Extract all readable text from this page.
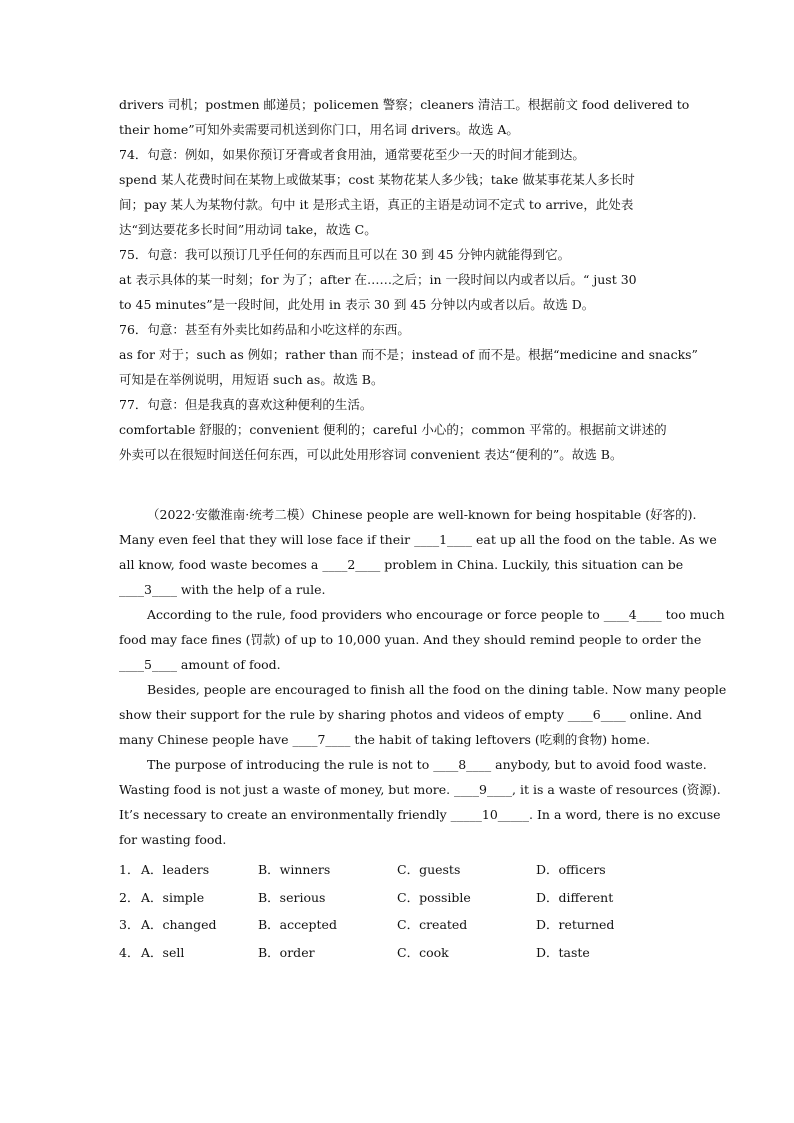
drivers 司机；postmen 邮递员；policemen 警察；cleaners 清洁工。根据前文 food delivered to
their home”可知外卖需要司机送到你门口，用名词 drivers。故选 A。
74．句意：例如，如果你预订牙膏或者食用油，通常要花至少一天的时间才能到达。
spend 某人花费时间在某物上或做某事；cost 某物花某人多少钱；take 做某事花某人多长时
间；pay 某人为某物付款。句中 it 是形式主语，真正的主语是动词不定式 to arrive，此处表
达“到达要花多长时间”用动词 take，故选 C。
75．句意：我可以预订几乎任何的东西而且可以在 30 到 45 分钟内就能得到它。
at 表示具体的某一时刻；for 为了；after 在……之后；in 一段时间以内或者以后。“ just 30
to 45 minutes”是一段时间，此处用 in 表示 30 到 45 分钟以内或者以后。故选 D。
76．句意：甚至有外卖比如药品和小吃这样的东西。
as for 对于；such as 例如；rather than 而不是；instead of 而不是。根据“medicine and snacks”
可知是在举例说明，用短语 such as。故选 B。
77．句意：但是我真的喜欢这种便利的生活。
comfortable 舒服的；convenient 便利的；careful 小心的；common 平常的。根据前文讲述的
外卖可以在很短时间送任何东西，可以此处用形容词 convenient 表达“便利的”。故选 B。
（2022·安徽淮南·统考二模）Chinese people are well-known for being hospitable (好客的).
Many even feel that they will lose face if their ____1____ eat up all the food on the table. As we
all know, food waste becomes a ____2____ problem in China. Luckily, this situation can be
____3____ with the help of a rule.
According to the rule, food providers who encourage or force people to ____4____ too much
food may face fines (罚款) of up to 10,000 yuan. And they should remind people to order the
____5____ amount of food.
Besides, people are encouraged to finish all the food on the dining table. Now many people
show their support for the rule by sharing photos and videos of empty ____6____ online. And
many Chinese people have ____7____ the habit of taking leftovers (吃剩的食物) home.
The purpose of introducing the rule is not to ____8____ anybody, but to avoid food waste.
Wasting food is not just a waste of money, but more. ____9____, it is a waste of resources (资源).
It’s necessary to create an environmentally friendly _____10_____. In a word, there is no excuse
for wasting food.
1． A．leaders	B．winners	C．guests	D．officers
2． A．simple	B．serious	C．possible	D．different
3． A．changed	B．accepted	C．created	D．returned
4． A．sell	B．order	C．cook	D．taste
